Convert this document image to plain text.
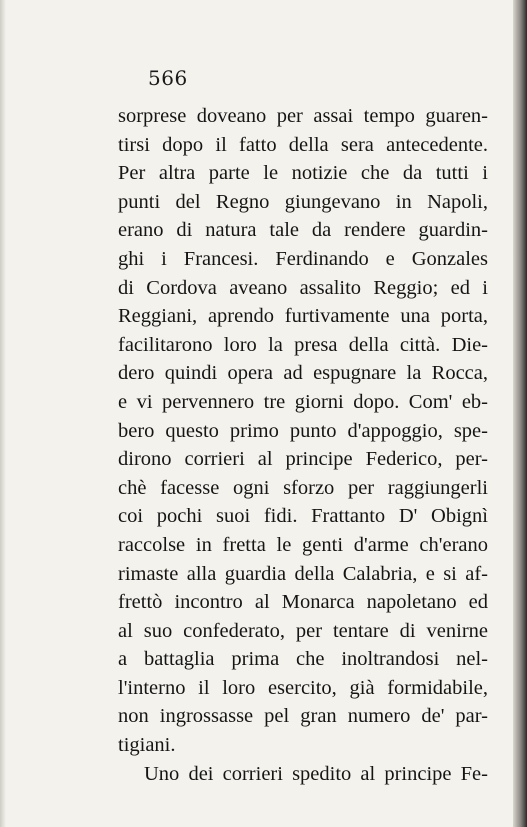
566
sorprese doveano per assai tempo guaren-
tirsi dopo il fatto della sera antecedente.
Per altra parte le notizie che da tutti i
punti del Regno giungevano in Napoli,
erano di natura tale da rendere guardin-
ghi i Francesi. Ferdinando e Gonzales
di Cordova aveano assalito Reggio; ed i
Reggiani, aprendo furtivamente una porta,
facilitarono loro la presa della città. Die-
dero quindi opera ad espugnare la Rocca,
e vi pervennero tre giorni dopo. Com' eb-
bero questo primo punto d'appoggio, spe-
dirono corrieri al principe Federico, per-
chè facesse ogni sforzo per raggiungerli
coi pochi suoi fidi. Frattanto D' Obignì
raccolse in fretta le genti d'arme ch'erano
rimaste alla guardia della Calabria, e si af-
frettò incontro al Monarca napoletano ed
al suo confederato, per tentare di venirne
a battaglia prima che inoltrandosi nel-
l'interno il loro esercito, già formidabile,
non ingrossasse pel gran numero de' par-
tigiani.
Uno dei corrieri spedito al principe Fe-
